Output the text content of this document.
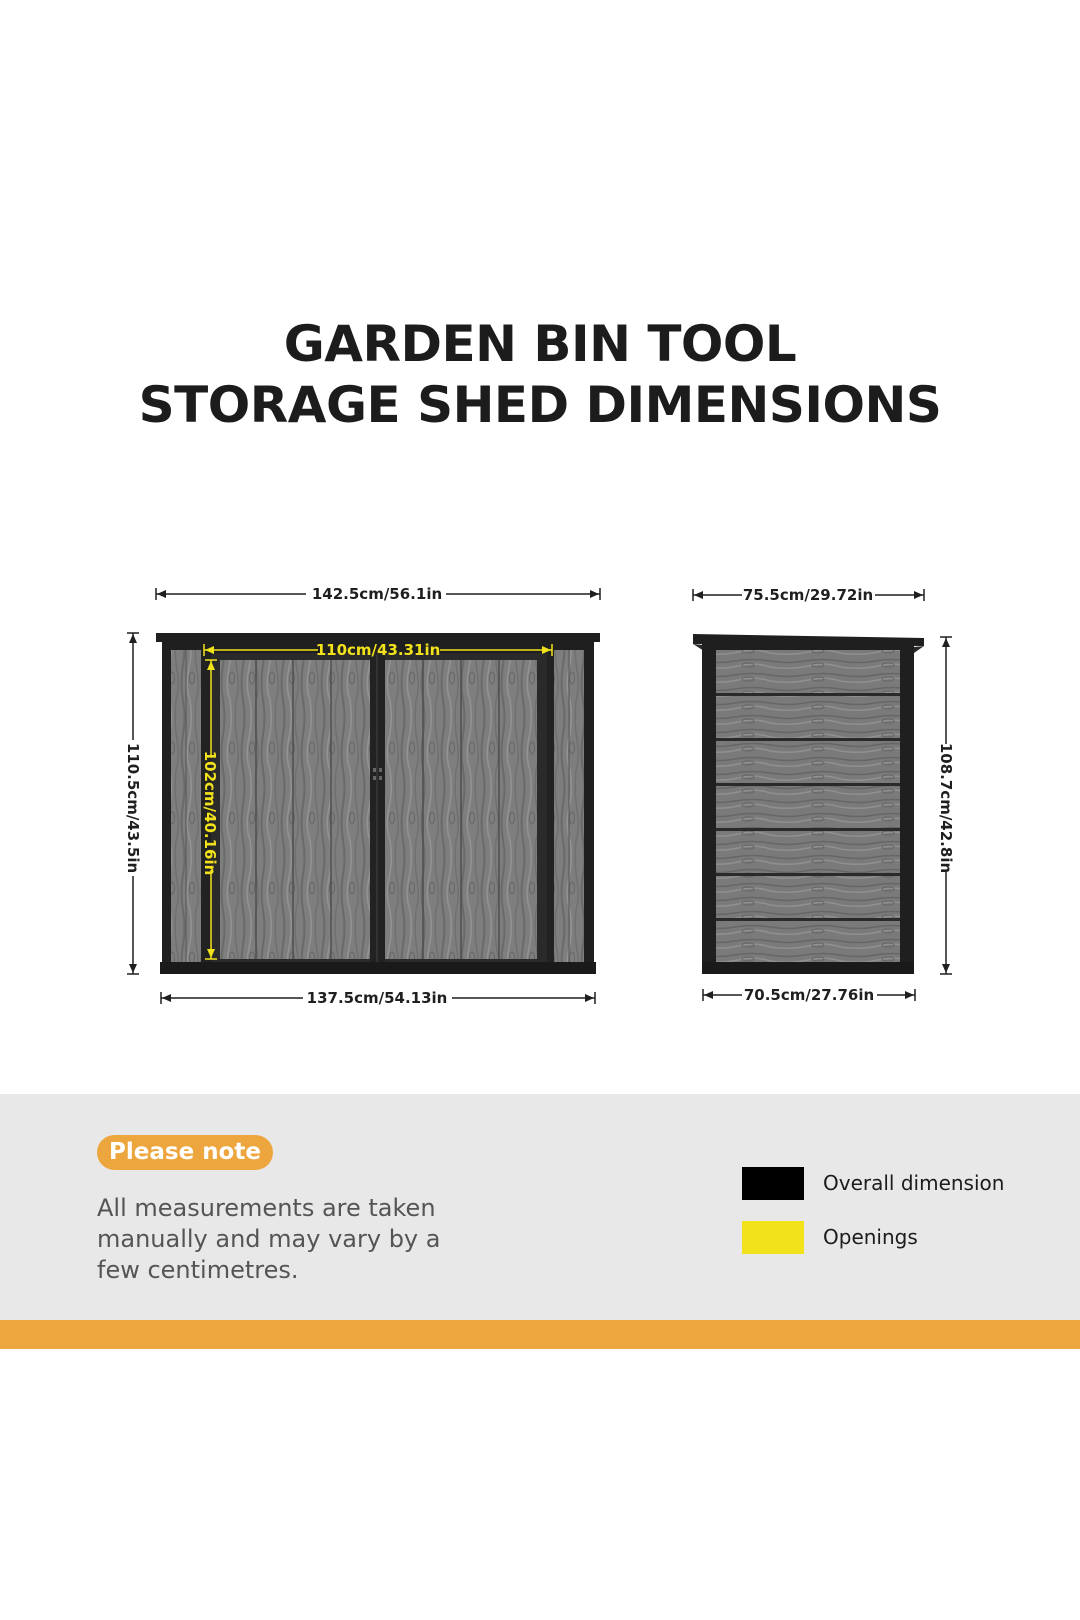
GARDEN BIN TOOL
STORAGE SHED DIMENSIONS
142.5cm/56.1in
110cm/43.31in
102cm/40.16in
110.5cm/43.5in
137.5cm/54.13in
75.5cm/29.72in
108.7cm/42.8in
70.5cm/27.76in
Please note
All measurements are taken manually and may vary by a few centimetres.
Overall dimension
Openings
